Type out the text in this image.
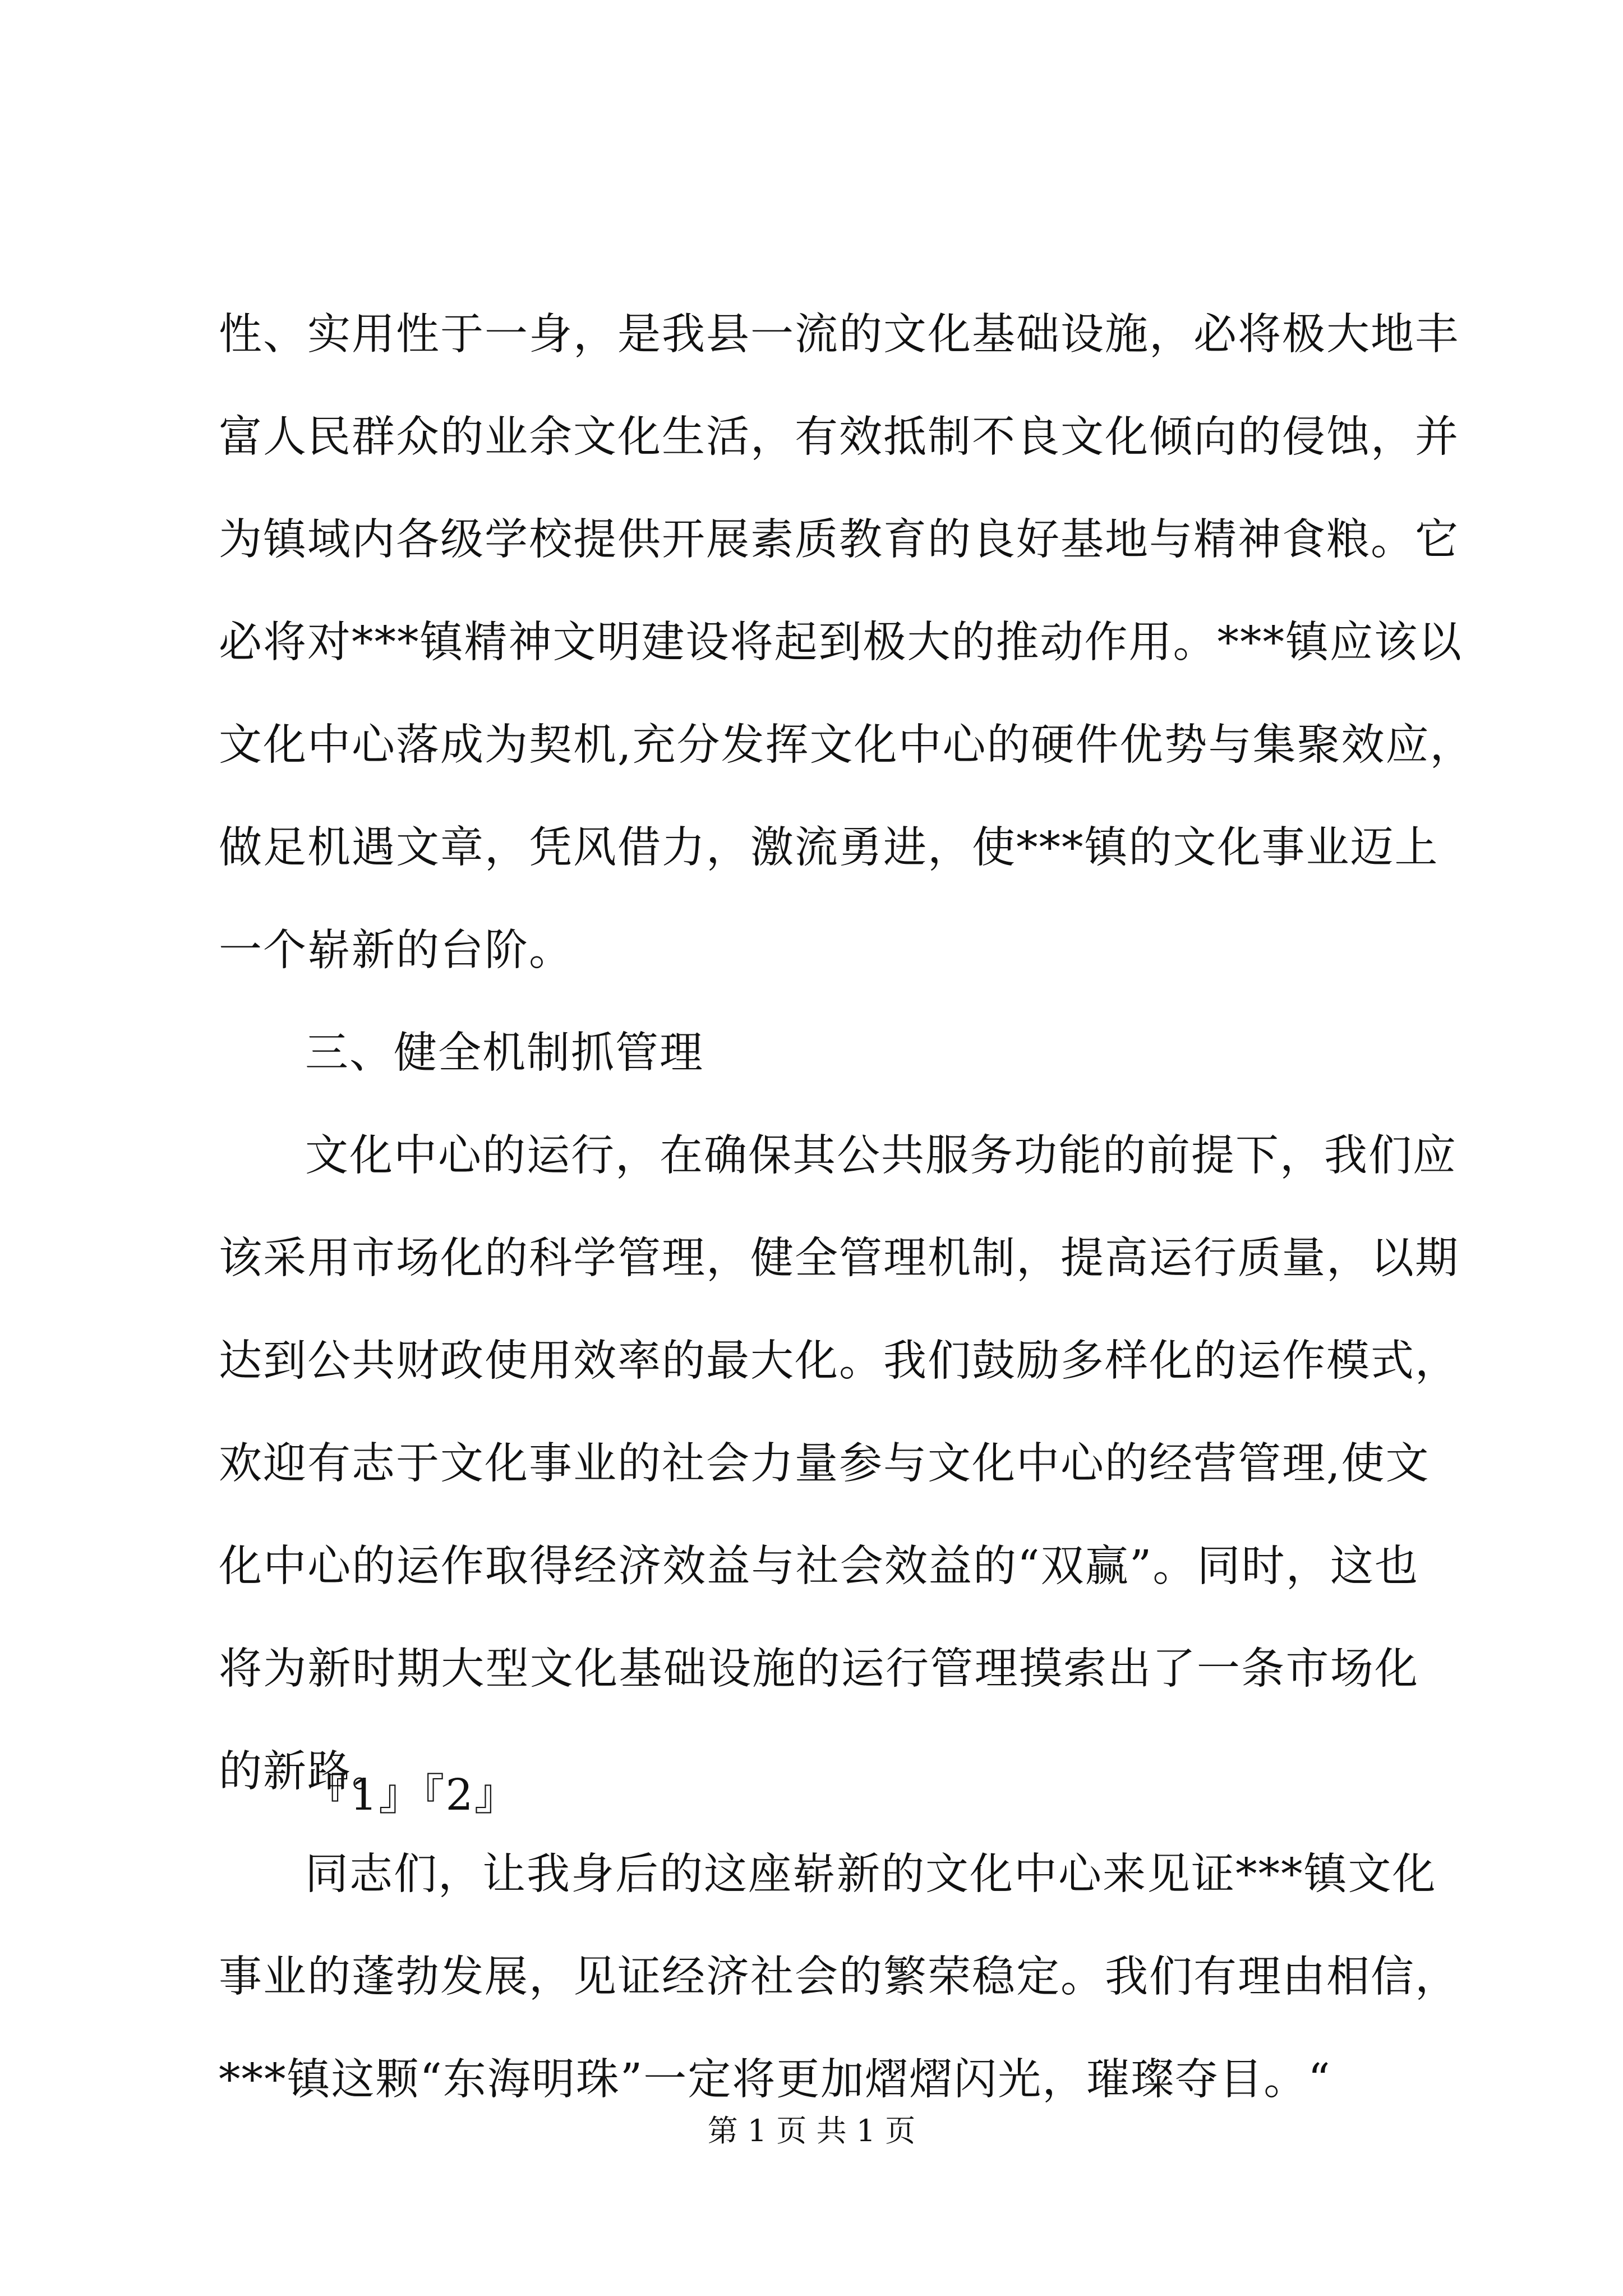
性、实用性于一身，是我县一流的文化基础设施，必将极大地丰
富人民群众的业余文化生活，有效抵制不良文化倾向的侵蚀，并
为镇域内各级学校提供开展素质教育的良好基地与精神食粮。它
必将对***镇精神文明建设将起到极大的推动作用。***镇应该以
文化中心落成为契机,充分发挥文化中心的硬件优势与集聚效应，
做足机遇文章，凭风借力，激流勇进，使***镇的文化事业迈上
一个崭新的台阶。
三、健全机制抓管理
文化中心的运行，在确保其公共服务功能的前提下，我们应
该采用市场化的科学管理，健全管理机制，提高运行质量，以期
达到公共财政使用效率的最大化。我们鼓励多样化的运作模式，
欢迎有志于文化事业的社会力量参与文化中心的经营管理,使文
化中心的运作取得经济效益与社会效益的“双赢”。同时，这也
将为新时期大型文化基础设施的运行管理摸索出了一条市场化
的新路。
同志们，让我身后的这座崭新的文化中心来见证***镇文化
事业的蓬勃发展，见证经济社会的繁荣稳定。我们有理由相信，
***镇这颗“东海明珠”一定将更加熠熠闪光，璀璨夺目。“
『1』『2』
第 1 页 共 1 页
